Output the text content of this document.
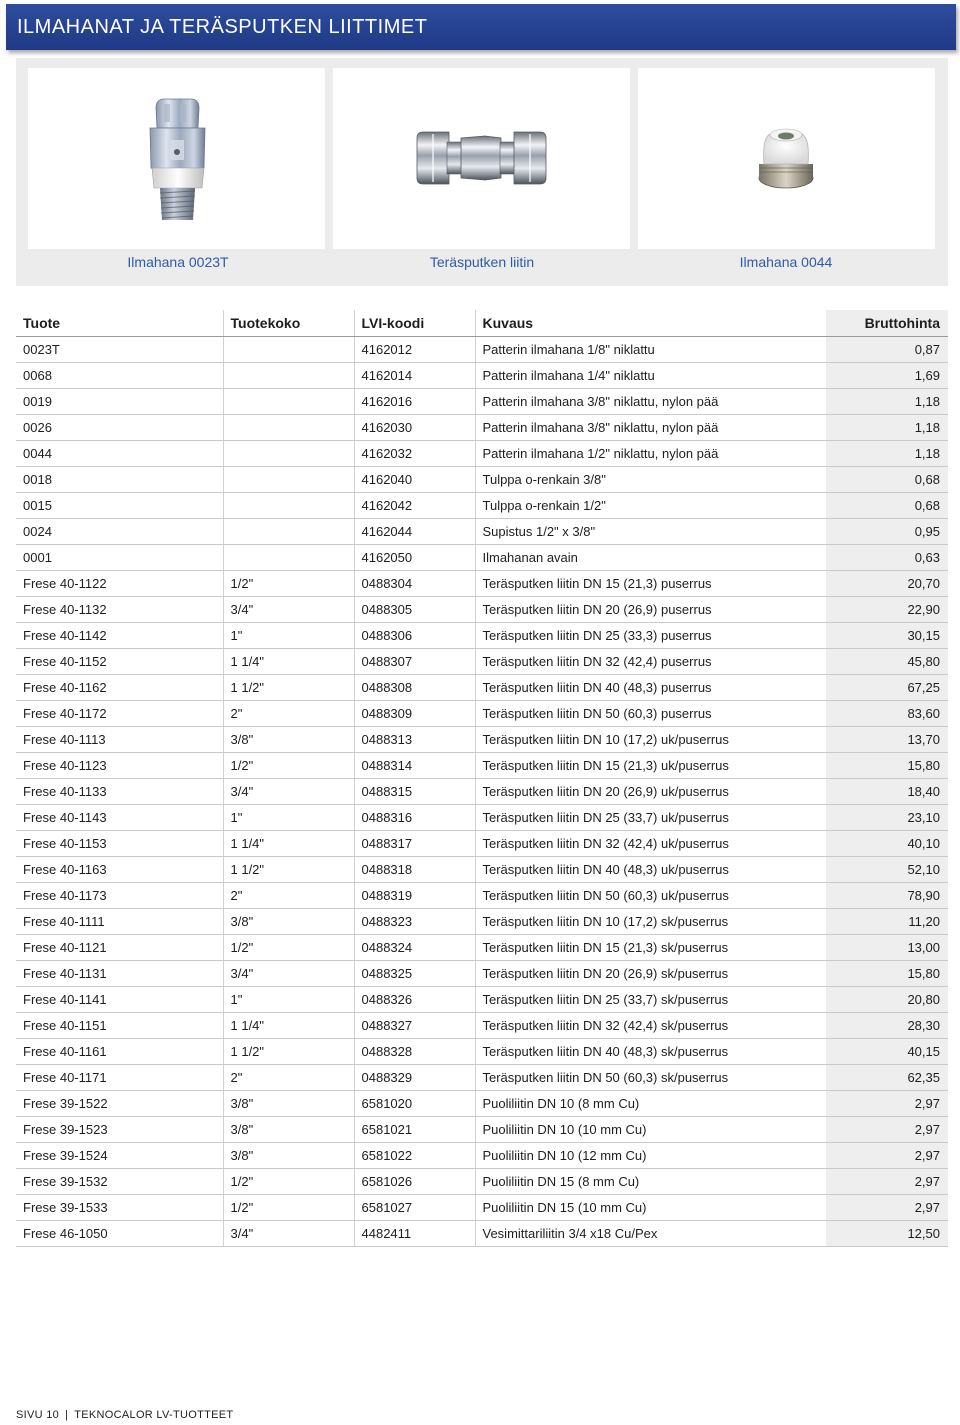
ILMAHANAT JA TERÄSPUTKEN LIITTIMET
Ilmahana 0023T	Teräsputken liitin	Ilmahana 0044
Tuote	Tuotekoko	LVI-koodi	Kuvaus	Bruttohinta
0023T		4162012	Patterin ilmahana 1/8" niklattu	0,87
0068		4162014	Patterin ilmahana 1/4" niklattu	1,69
0019		4162016	Patterin ilmahana 3/8" niklattu, nylon pää	1,18
0026		4162030	Patterin ilmahana 3/8" niklattu, nylon pää	1,18
0044		4162032	Patterin ilmahana 1/2" niklattu, nylon pää	1,18
0018		4162040	Tulppa o-renkain 3/8"	0,68
0015		4162042	Tulppa o-renkain 1/2"	0,68
0024		4162044	Supistus 1/2" x 3/8"	0,95
0001		4162050	Ilmahanan avain	0,63
Frese 40-1122	1/2"	0488304	Teräsputken liitin DN 15 (21,3) puserrus	20,70
Frese 40-1132	3/4"	0488305	Teräsputken liitin DN 20 (26,9) puserrus	22,90
Frese 40-1142	1"	0488306	Teräsputken liitin DN 25 (33,3) puserrus	30,15
Frese 40-1152	1 1/4"	0488307	Teräsputken liitin DN 32 (42,4) puserrus	45,80
Frese 40-1162	1 1/2"	0488308	Teräsputken liitin DN 40 (48,3) puserrus	67,25
Frese 40-1172	2"	0488309	Teräsputken liitin DN 50 (60,3) puserrus	83,60
Frese 40-1113	3/8"	0488313	Teräsputken liitin DN 10 (17,2) uk/puserrus	13,70
Frese 40-1123	1/2"	0488314	Teräsputken liitin DN 15 (21,3) uk/puserrus	15,80
Frese 40-1133	3/4"	0488315	Teräsputken liitin DN 20 (26,9) uk/puserrus	18,40
Frese 40-1143	1"	0488316	Teräsputken liitin DN 25 (33,7) uk/puserrus	23,10
Frese 40-1153	1 1/4"	0488317	Teräsputken liitin DN 32 (42,4) uk/puserrus	40,10
Frese 40-1163	1 1/2"	0488318	Teräsputken liitin DN 40 (48,3) uk/puserrus	52,10
Frese 40-1173	2"	0488319	Teräsputken liitin DN 50 (60,3) uk/puserrus	78,90
Frese 40-1111	3/8"	0488323	Teräsputken liitin DN 10 (17,2) sk/puserrus	11,20
Frese 40-1121	1/2"	0488324	Teräsputken liitin DN 15 (21,3) sk/puserrus	13,00
Frese 40-1131	3/4"	0488325	Teräsputken liitin DN 20 (26,9) sk/puserrus	15,80
Frese 40-1141	1"	0488326	Teräsputken liitin DN 25 (33,7) sk/puserrus	20,80
Frese 40-1151	1 1/4"	0488327	Teräsputken liitin DN 32 (42,4) sk/puserrus	28,30
Frese 40-1161	1 1/2"	0488328	Teräsputken liitin DN 40 (48,3) sk/puserrus	40,15
Frese 40-1171	2"	0488329	Teräsputken liitin DN 50 (60,3) sk/puserrus	62,35
Frese 39-1522	3/8"	6581020	Puoliliitin DN 10 (8 mm Cu)	2,97
Frese 39-1523	3/8"	6581021	Puoliliitin DN 10 (10 mm Cu)	2,97
Frese 39-1524	3/8"	6581022	Puoliliitin DN 10 (12 mm Cu)	2,97
Frese 39-1532	1/2"	6581026	Puoliliitin DN 15 (8 mm Cu)	2,97
Frese 39-1533	1/2"	6581027	Puoliliitin DN 15 (10 mm Cu)	2,97
Frese 46-1050	3/4"	4482411	Vesimittariliitin 3/4 x18 Cu/Pex	12,50
SIVU 10 | TEKNOCALOR LV-TUOTTEET
